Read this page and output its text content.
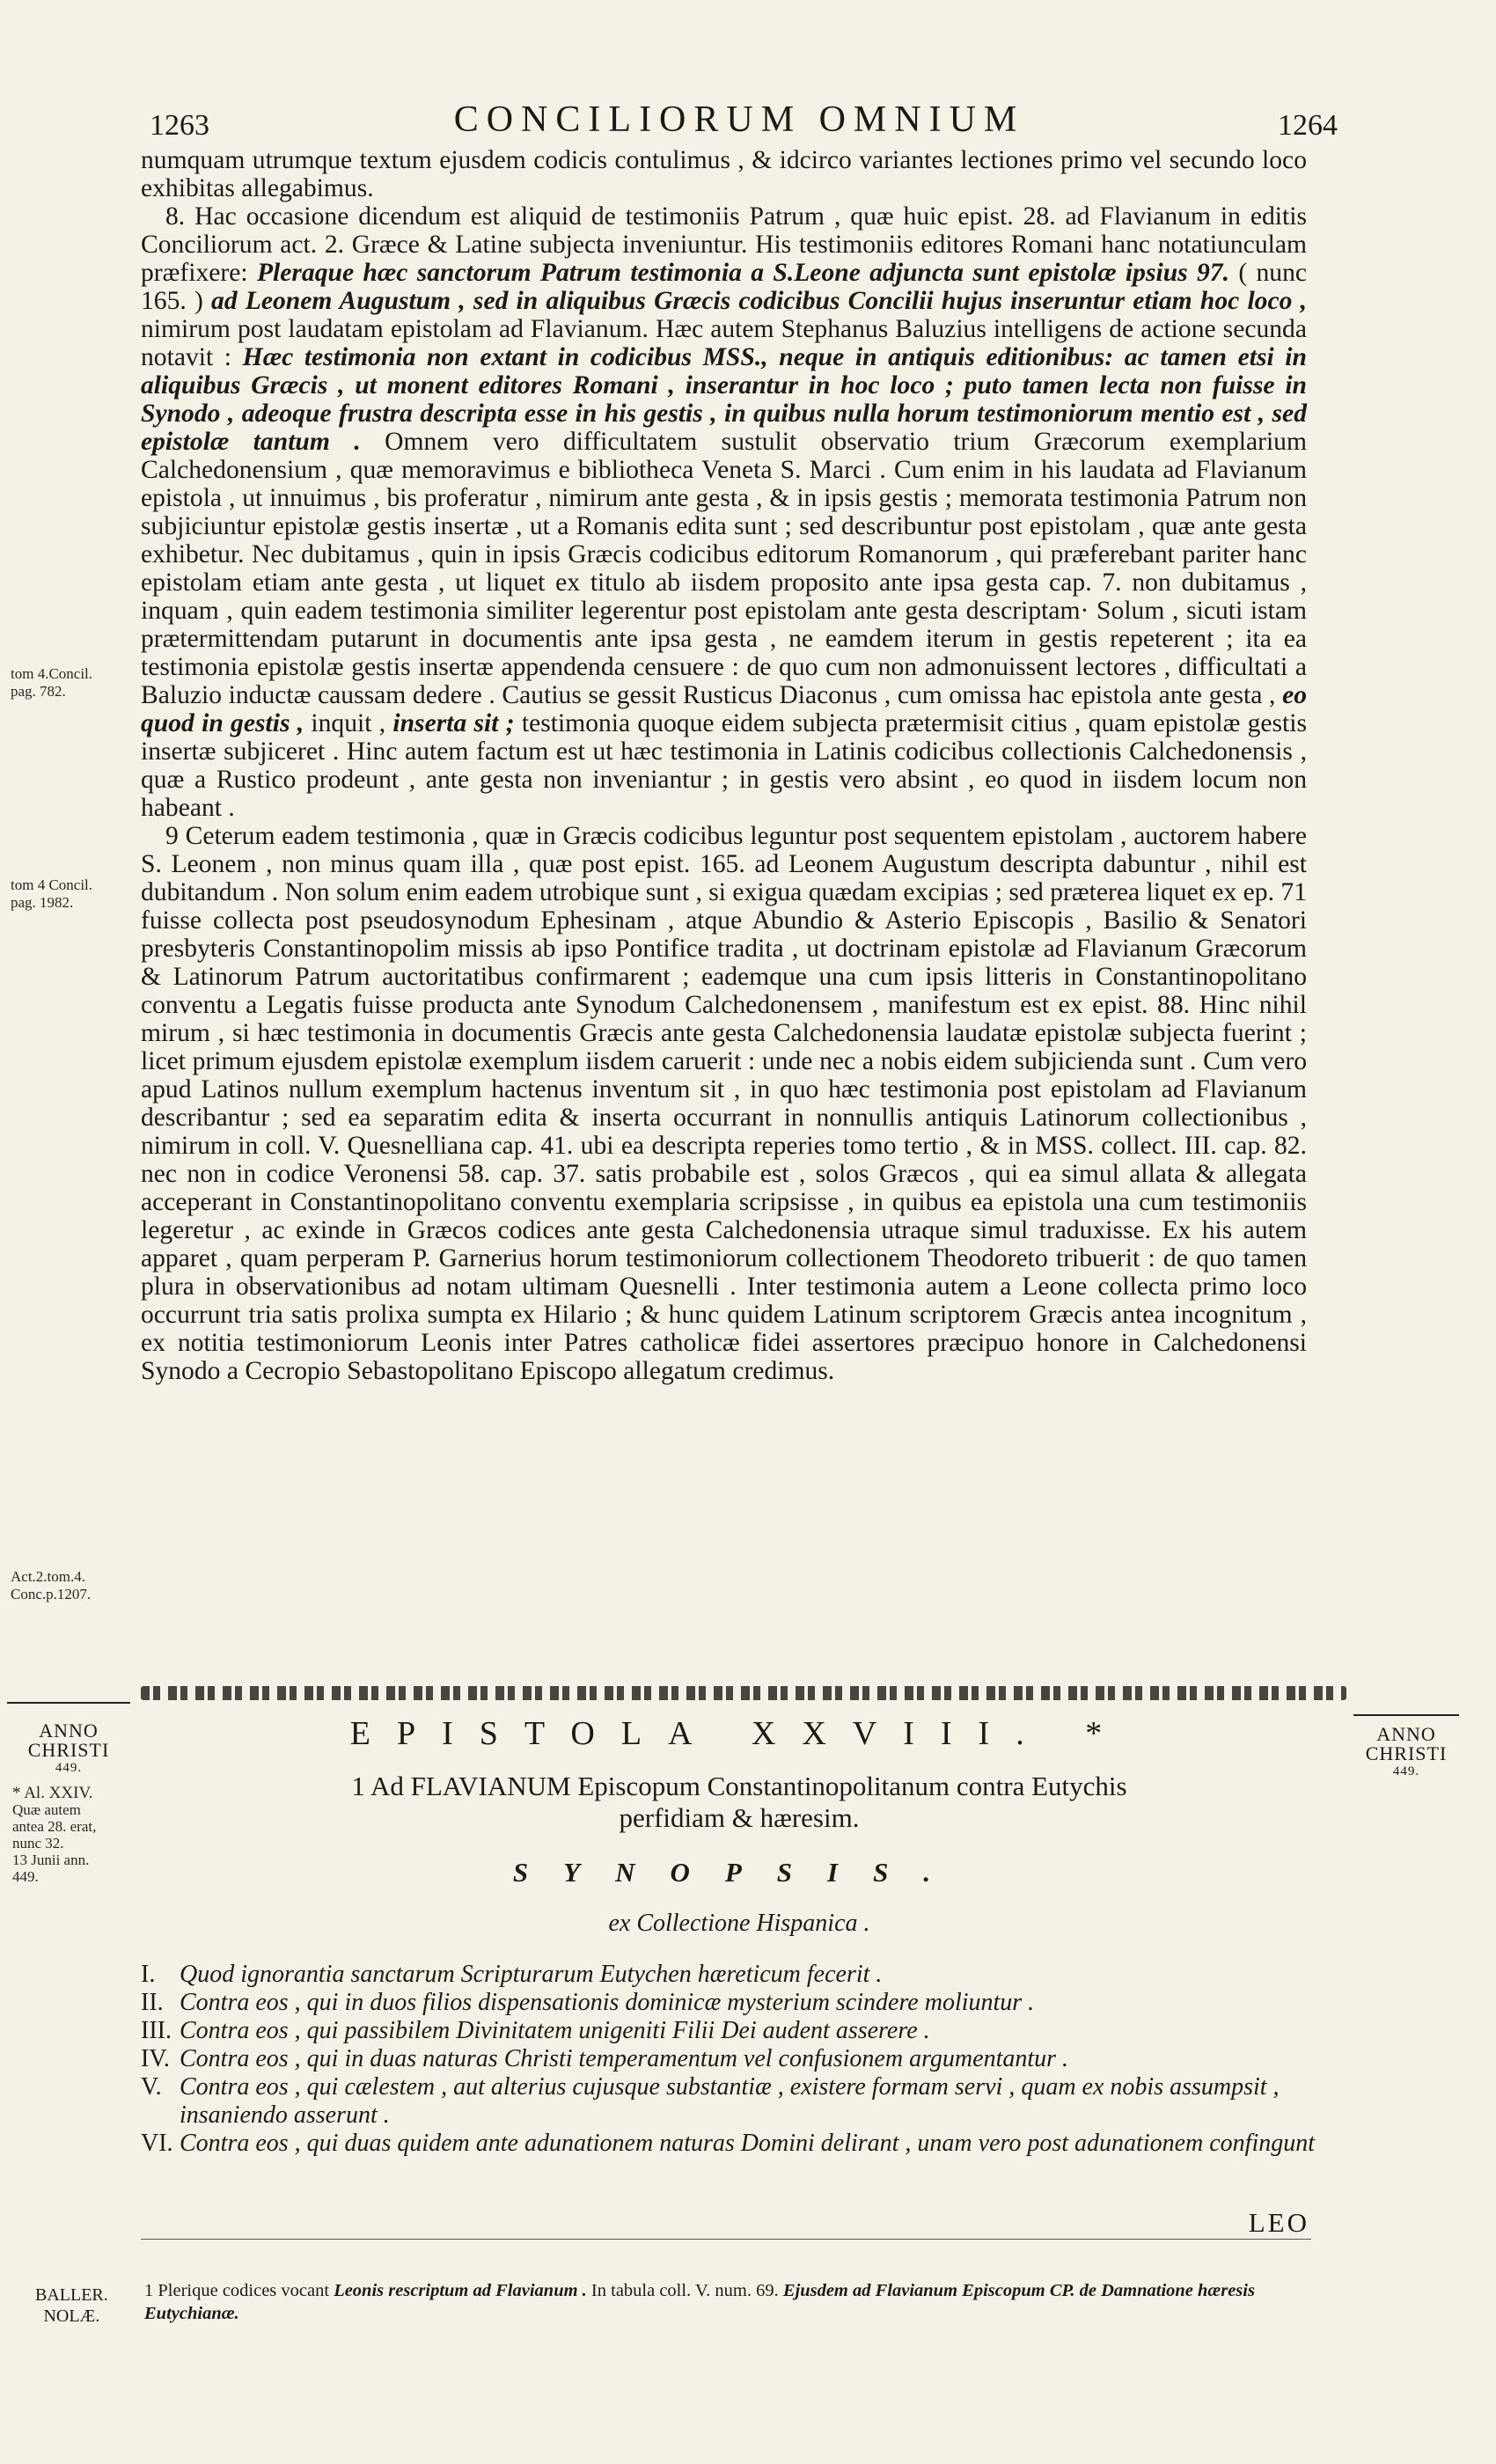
1263	CONCILIORUM OMNIUM	1264

numquam utrumque textum ejusdem codicis contulimus , & idcirco variantes lectiones primo vel secundo loco exhibitas allegabimus.

8. Hac occasione dicendum est aliquid de testimoniis Patrum , quæ huic epist. 28. ad Flavianum in editis Conciliorum act. 2. Græce & Latine subjecta inveniuntur. His testimoniis editores Romani hanc notatiunculam præfixere: Pleraque hæc sanctorum Patrum testimonia a S.Leone adjuncta sunt epistolæ ipsius 97. ( nunc 165. ) ad Leonem Augustum , sed in aliquibus Græcis codicibus Concilii hujus inseruntur etiam hoc loco , nimirum post laudatam epistolam ad Flavianum. Hæc autem Stephanus Baluzius intelligens de actione secunda notavit : Hæc testimonia non extant in codicibus MSS., neque in antiquis editionibus: ac tamen etsi in aliquibus Græcis , ut monent editores Romani , inserantur in hoc loco ; puto tamen lecta non fuisse in Synodo , adeoque frustra descripta esse in his gestis , in quibus nulla horum testimoniorum mentio est , sed epistolæ tantum . Omnem vero difficultatem sustulit observatio trium Græcorum exemplarium Calchedonensium , quæ memoravimus e bibliotheca Veneta S. Marci . Cum enim in his laudata ad Flavianum epistola , ut innuimus , bis proferatur , nimirum ante gesta , & in ipsis gestis ; memorata testimonia Patrum non subjiciuntur epistolæ gestis insertæ , ut a Romanis edita sunt ; sed describuntur post epistolam , quæ ante gesta exhibetur. Nec dubitamus , quin in ipsis Græcis codicibus editorum Romanorum , qui præferebant pariter hanc epistolam etiam ante gesta , ut liquet ex titulo ab iisdem proposito ante ipsa gesta cap. 7. non dubitamus , inquam , quin eadem testimonia similiter legerentur post epistolam ante gesta descriptam· Solum , sicuti istam prætermittendam putarunt in documentis ante ipsa gesta , ne eamdem iterum in gestis repeterent ; ita ea testimonia epistolæ gestis insertæ appendenda censuere : de quo cum non admonuissent lectores , difficultati a Baluzio inductæ caussam dedere . Cautius se gessit Rusticus Diaconus , cum omissa hac epistola ante gesta , eo quod in gestis , inquit , inserta sit ; testimonia quoque eidem subjecta prætermisit citius , quam epistolæ gestis insertæ subjiceret . Hinc autem factum est ut hæc testimonia in Latinis codicibus collectionis Calchedonensis , quæ a Rustico prodeunt , ante gesta non inveniantur ; in gestis vero absint , eo quod in iisdem locum non habeant .

9 Ceterum eadem testimonia , quæ in Græcis codicibus leguntur post sequentem epistolam , auctorem habere S. Leonem , non minus quam illa , quæ post epist. 165. ad Leonem Augustum descripta dabuntur , nihil est dubitandum . Non solum enim eadem utrobique sunt , si exigua quædam excipias ; sed præterea liquet ex ep. 71 fuisse collecta post pseudosynodum Ephesinam , atque Abundio & Asterio Episcopis , Basilio & Senatori presbyteris Constantinopolim missis ab ipso Pontifice tradita , ut doctrinam epistolæ ad Flavianum Græcorum & Latinorum Patrum auctoritatibus confirmarent ; eademque una cum ipsis litteris in Constantinopolitano conventu a Legatis fuisse producta ante Synodum Calchedonensem , manifestum est ex epist. 88. Hinc nihil mirum , si hæc testimonia in documentis Græcis ante gesta Calchedonensia laudatæ epistolæ subjecta fuerint ; licet primum ejusdem epistolæ exemplum iisdem caruerit : unde nec a nobis eidem subjicienda sunt . Cum vero apud Latinos nullum exemplum hactenus inventum sit , in quo hæc testimonia post epistolam ad Flavianum describantur ; sed ea separatim edita & inserta occurrant in nonnullis antiquis Latinorum collectionibus , nimirum in coll. V. Quesnelliana cap. 41. ubi ea descripta reperies tomo tertio , & in MSS. collect. III. cap. 82. nec non in codice Veronensi 58. cap. 37. satis probabile est , solos Græcos , qui ea simul allata & allegata acceperant in Constantinopolitano conventu exemplaria scripsisse , in quibus ea epistola una cum testimoniis legeretur , ac exinde in Græcos codices ante gesta Calchedonensia utraque simul traduxisse. Ex his autem apparet , quam perperam P. Garnerius horum testimoniorum collectionem Theodoreto tribuerit : de quo tamen plura in observationibus ad notam ultimam Quesnelli . Inter testimonia autem a Leone collecta primo loco occurrunt tria satis prolixa sumpta ex Hilario ; & hunc quidem Latinum scriptorem Græcis antea incognitum , ex notitia testimoniorum Leonis inter Patres catholicæ fidei assertores præcipuo honore in Calchedonensi Synodo a Cecropio Sebastopolitano Episcopo allegatum credimus.

tom 4.Concil.
pag. 782.
tom 4 Concil.
pag. 1982.
Act.2.tom.4.
Conc.p.1207.
ANNO
CHRISTI
449.
* Al. XXIV.
Quæ autem
antea 28. erat,
nunc 32.
13 Junii ann.
449.
ANNO
CHRISTI
449.
EPISTOLA XXVIII. *
1 Ad FLAVIANUM Episcopum Constantinopolitanum contra Eutychis
perfidiam & hæresim.
SYNOPSIS.
ex Collectione Hispanica .

I. Quod ignorantia sanctarum Scripturarum Eutychen hæreticum fecerit .

II. Contra eos , qui in duos filios dispensationis dominicæ mysterium scindere moliuntur .

III. Contra eos , qui passibilem Divinitatem unigeniti Filii Dei audent asserere .

IV. Contra eos , qui in duas naturas Christi temperamentum vel confusionem argumentantur .

V. Contra eos , qui cælestem , aut alterius cujusque substantiæ , existere formam servi , quam ex nobis assumpsit , insaniendo asserunt .

VI. Contra eos , qui duas quidem ante adunationem naturas Domini delirant , unam vero post adunationem confingunt

LEO
BALLER.
NOLÆ.
1 Plerique codices vocant Leonis rescriptum ad Flavianum . In tabula coll. V. num. 69. Ejusdem ad Flavianum Episcopum CP. de Damnatione hæresis Eutychianæ.
